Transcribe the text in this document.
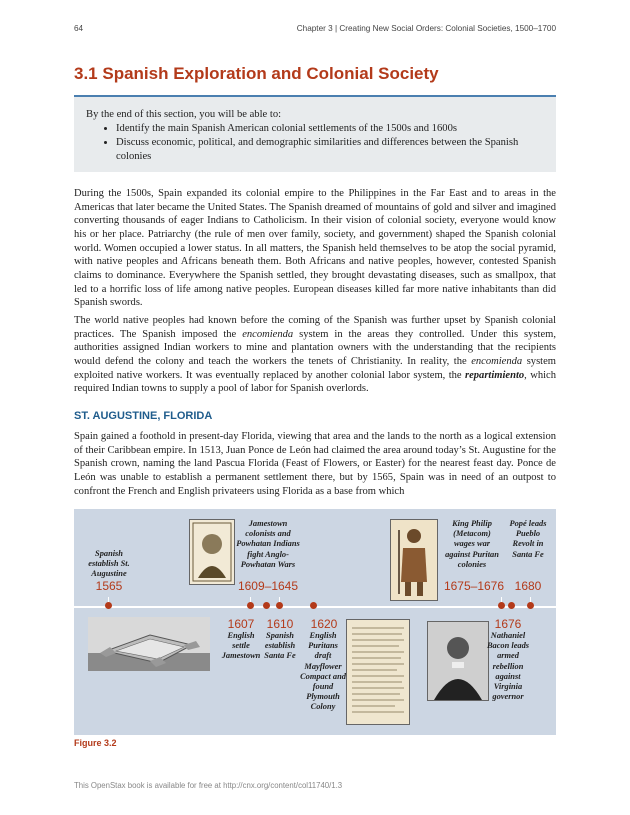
64	Chapter 3 | Creating New Social Orders: Colonial Societies, 1500–1700
3.1 Spanish Exploration and Colonial Society
By the end of this section, you will be able to:
• Identify the main Spanish American colonial settlements of the 1500s and 1600s
• Discuss economic, political, and demographic similarities and differences between the Spanish colonies

During the 1500s, Spain expanded its colonial empire to the Philippines in the Far East and to areas in the Americas that later became the United States. The Spanish dreamed of mountains of gold and silver and imagined converting thousands of eager Indians to Catholicism. In their vision of colonial society, everyone would know his or her place. Patriarchy (the rule of men over family, society, and government) shaped the Spanish colonial world. Women occupied a lower status. In all matters, the Spanish held themselves to be atop the social pyramid, with native peoples and Africans beneath them. Both Africans and native peoples, however, contested Spanish claims to dominance. Everywhere the Spanish settled, they brought devastating diseases, such as smallpox, that led to a horrific loss of life among native peoples. European diseases killed far more native inhabitants than did Spanish swords.

The world native peoples had known before the coming of the Spanish was further upset by Spanish colonial practices. The Spanish imposed the encomienda system in the areas they controlled. Under this system, authorities assigned Indian workers to mine and plantation owners with the understanding that the recipients would defend the colony and teach the workers the tenets of Christianity. In reality, the encomienda system exploited native workers. It was eventually replaced by another colonial labor system, the repartimiento, which required Indian towns to supply a pool of labor for Spanish overlords.

ST. AUGUSTINE, FLORIDA

Spain gained a foothold in present-day Florida, viewing that area and the lands to the north as a logical extension of their Caribbean empire. In 1513, Juan Ponce de León had claimed the area around today’s St. Augustine for the Spanish crown, naming the land Pascua Florida (Feast of Flowers, or Easter) for the nearest feast day. Ponce de León was unable to establish a permanent settlement there, but by 1565, Spain was in need of an outpost to confront the French and English privateers using Florida as a base from which

Spanish establish St. Augustine
1565
Jamestown colonists and Powhatan Indians fight Anglo-Powhatan Wars
1609–1645
King Philip (Metacom) wages war against Puritan colonies
1675–1676
Popé leads Pueblo Revolt in Santa Fe
1680
1607
English settle Jamestown
1610
Spanish establish Santa Fe
1620
English Puritans draft Mayflower Compact and found Plymouth Colony
1676
Nathaniel Bacon leads armed rebellion against Virginia governor

Figure 3.2

This OpenStax book is available for free at http://cnx.org/content/col11740/1.3
